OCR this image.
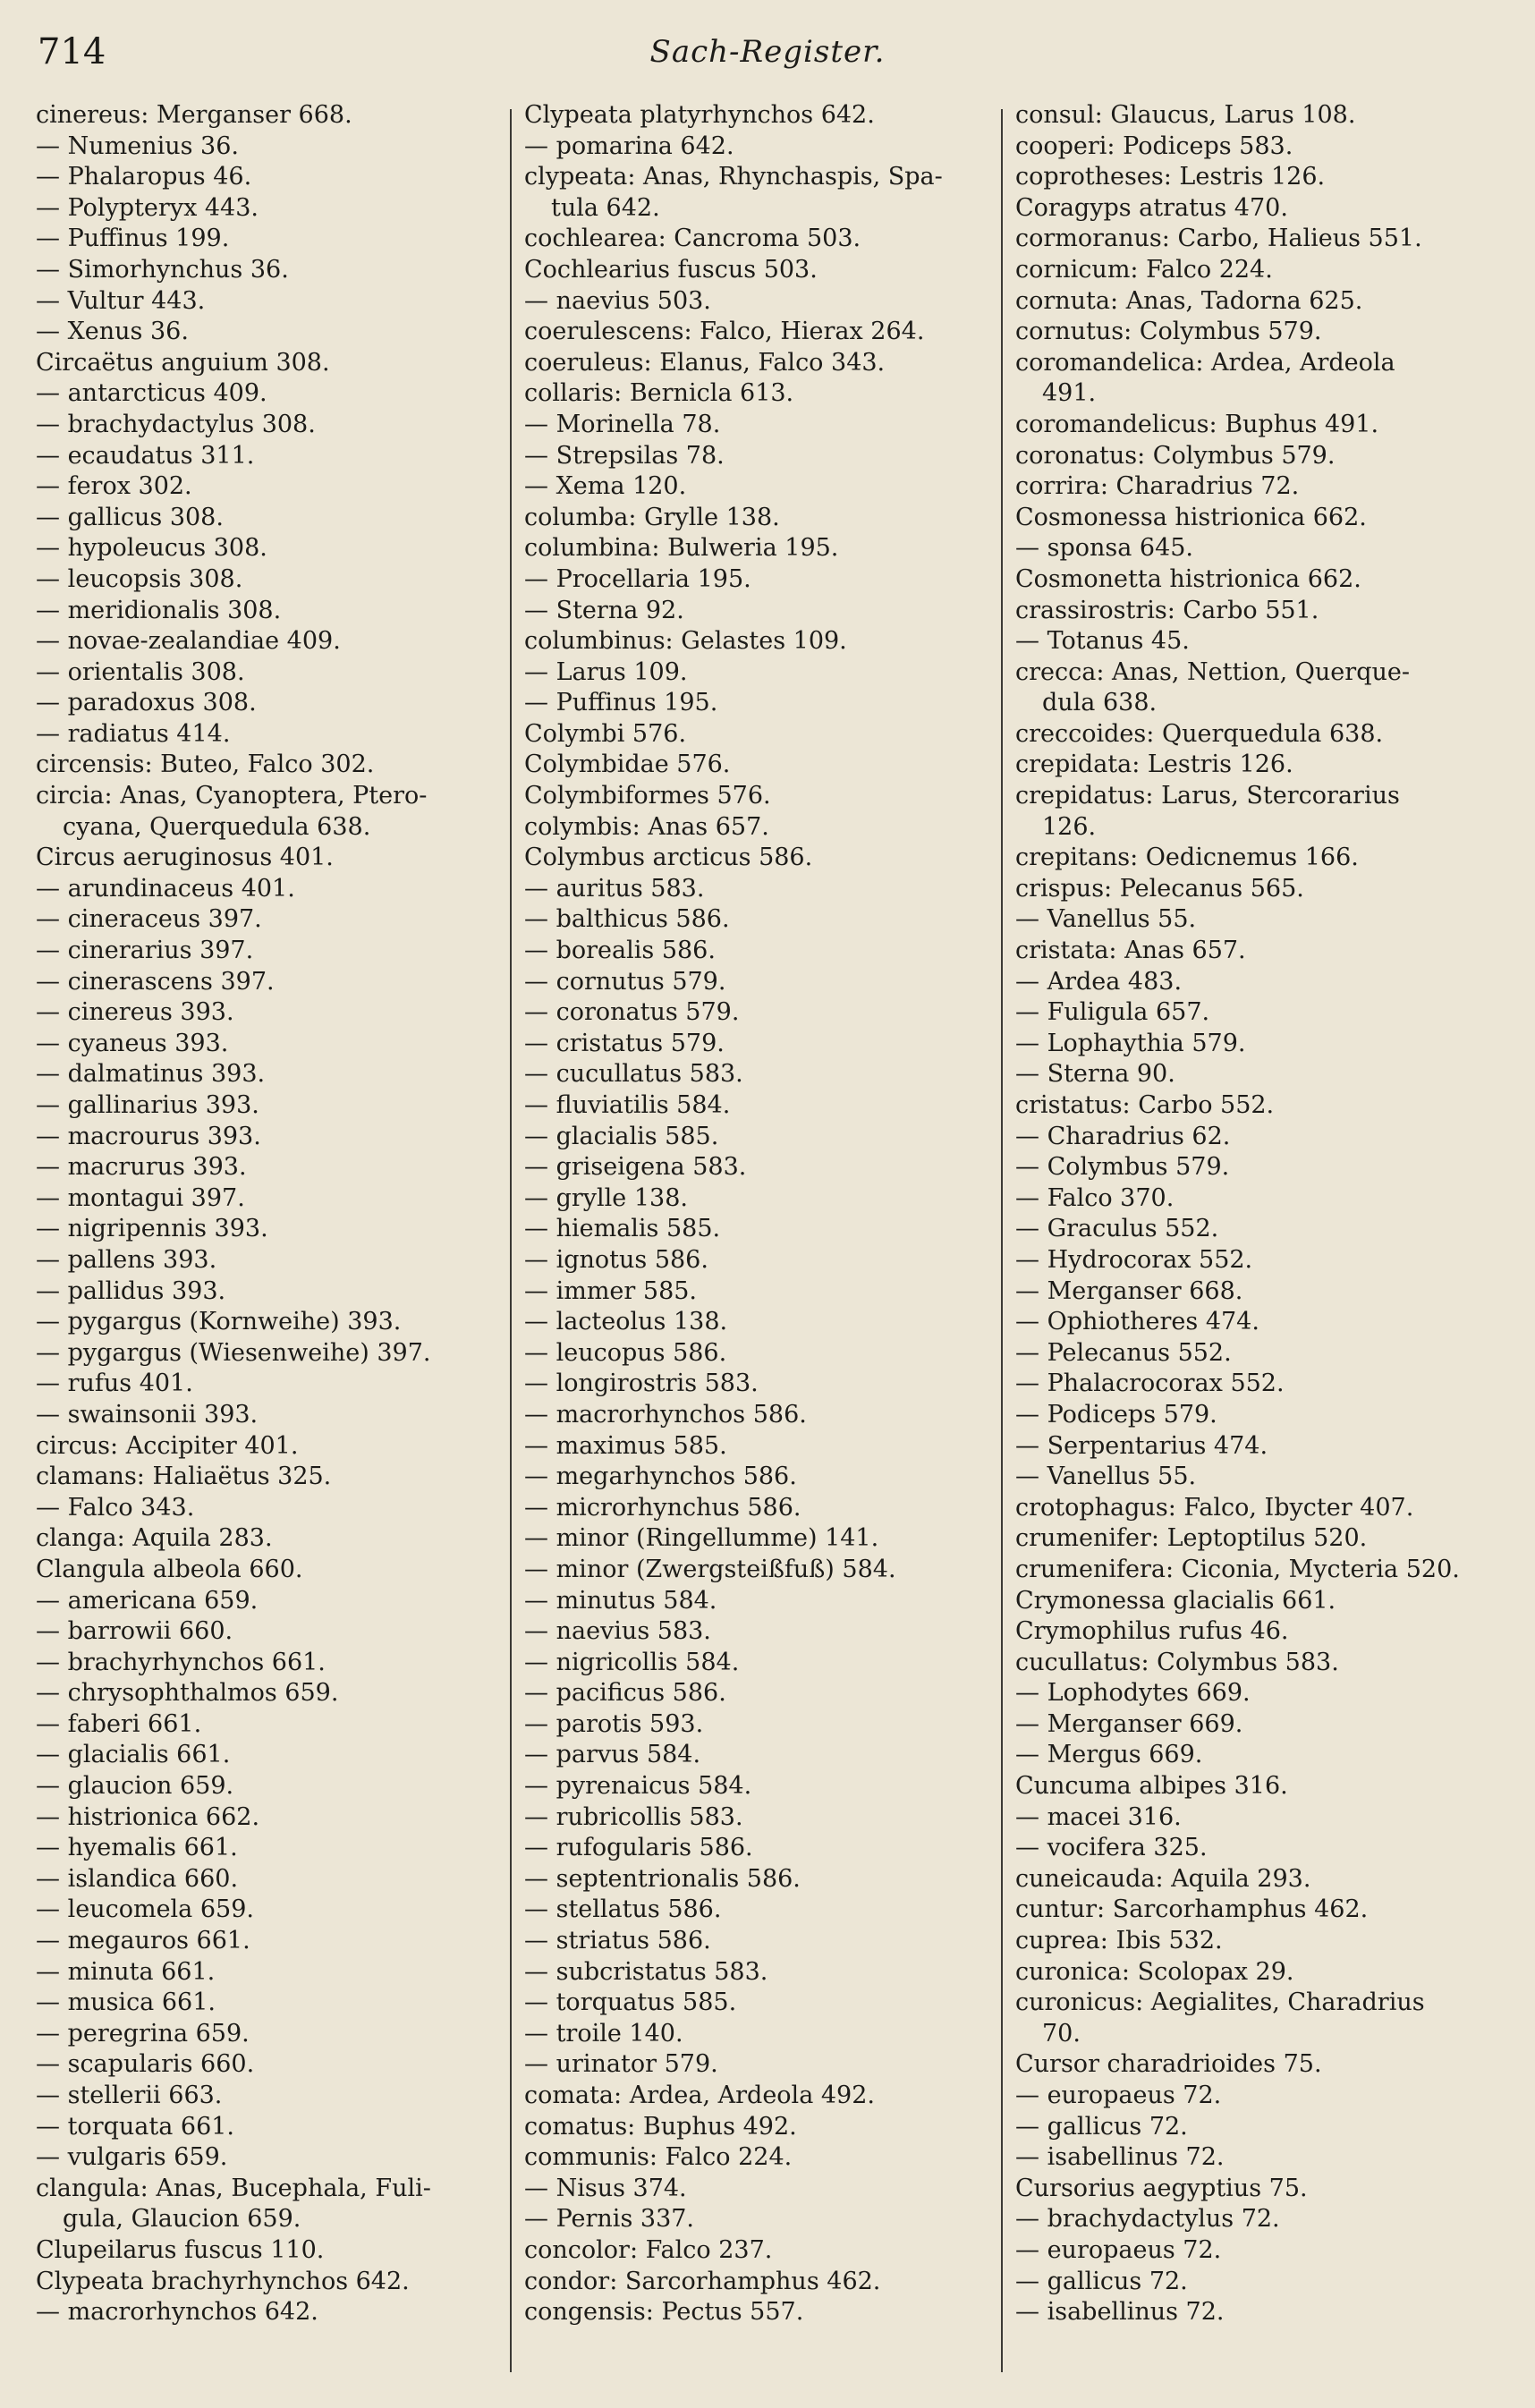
714	Sach-Register.
cinereus: Merganser 668.
— Numenius 36.
— Phalaropus 46.
— Polypteryx 443.
— Puffinus 199.
— Simorhynchus 36.
— Vultur 443.
— Xenus 36.
Circaëtus anguium 308.
— antarcticus 409.
— brachydactylus 308.
— ecaudatus 311.
— ferox 302.
— gallicus 308.
— hypoleucus 308.
— leucopsis 308.
— meridionalis 308.
— novae-zealandiae 409.
— orientalis 308.
— paradoxus 308.
— radiatus 414.
circensis: Buteo, Falco 302.
circia: Anas, Cyanoptera, Ptero-
cyana, Querquedula 638.
Circus aeruginosus 401.
— arundinaceus 401.
— cineraceus 397.
— cinerarius 397.
— cinerascens 397.
— cinereus 393.
— cyaneus 393.
— dalmatinus 393.
— gallinarius 393.
— macrourus 393.
— macrurus 393.
— montagui 397.
— nigripennis 393.
— pallens 393.
— pallidus 393.
— pygargus (Kornweihe) 393.
— pygargus (Wiesenweihe) 397.
— rufus 401.
— swainsonii 393.
circus: Accipiter 401.
clamans: Haliaëtus 325.
— Falco 343.
clanga: Aquila 283.
Clangula albeola 660.
— americana 659.
— barrowii 660.
— brachyrhynchos 661.
— chrysophthalmos 659.
— faberi 661.
— glacialis 661.
— glaucion 659.
— histrionica 662.
— hyemalis 661.
— islandica 660.
— leucomela 659.
— megauros 661.
— minuta 661.
— musica 661.
— peregrina 659.
— scapularis 660.
— stellerii 663.
— torquata 661.
— vulgaris 659.
clangula: Anas, Bucephala, Fuli-
gula, Glaucion 659.
Clupeilarus fuscus 110.
Clypeata brachyrhynchos 642.
— macrorhynchos 642.
Clypeata platyrhynchos 642.
— pomarina 642.
clypeata: Anas, Rhynchaspis, Spa-
tula 642.
cochlearea: Cancroma 503.
Cochlearius fuscus 503.
— naevius 503.
coerulescens: Falco, Hierax 264.
coeruleus: Elanus, Falco 343.
collaris: Bernicla 613.
— Morinella 78.
— Strepsilas 78.
— Xema 120.
columba: Grylle 138.
columbina: Bulweria 195.
— Procellaria 195.
— Sterna 92.
columbinus: Gelastes 109.
— Larus 109.
— Puffinus 195.
Colymbi 576.
Colymbidae 576.
Colymbiformes 576.
colymbis: Anas 657.
Colymbus arcticus 586.
— auritus 583.
— balthicus 586.
— borealis 586.
— cornutus 579.
— coronatus 579.
— cristatus 579.
— cucullatus 583.
— fluviatilis 584.
— glacialis 585.
— griseigena 583.
— grylle 138.
— hiemalis 585.
— ignotus 586.
— immer 585.
— lacteolus 138.
— leucopus 586.
— longirostris 583.
— macrorhynchos 586.
— maximus 585.
— megarhynchos 586.
— microrhynchus 586.
— minor (Ringellumme) 141.
— minor (Zwergsteißfuß) 584.
— minutus 584.
— naevius 583.
— nigricollis 584.
— pacificus 586.
— parotis 593.
— parvus 584.
— pyrenaicus 584.
— rubricollis 583.
— rufogularis 586.
— septentrionalis 586.
— stellatus 586.
— striatus 586.
— subcristatus 583.
— torquatus 585.
— troile 140.
— urinator 579.
comata: Ardea, Ardeola 492.
comatus: Buphus 492.
communis: Falco 224.
— Nisus 374.
— Pernis 337.
concolor: Falco 237.
condor: Sarcorhamphus 462.
congensis: Pectus 557.
consul: Glaucus, Larus 108.
cooperi: Podiceps 583.
coprotheses: Lestris 126.
Coragyps atratus 470.
cormoranus: Carbo, Halieus 551.
cornicum: Falco 224.
cornuta: Anas, Tadorna 625.
cornutus: Colymbus 579.
coromandelica: Ardea, Ardeola
491.
coromandelicus: Buphus 491.
coronatus: Colymbus 579.
corrira: Charadrius 72.
Cosmonessa histrionica 662.
— sponsa 645.
Cosmonetta histrionica 662.
crassirostris: Carbo 551.
— Totanus 45.
crecca: Anas, Nettion, Querque-
dula 638.
creccoides: Querquedula 638.
crepidata: Lestris 126.
crepidatus: Larus, Stercorarius
126.
crepitans: Oedicnemus 166.
crispus: Pelecanus 565.
— Vanellus 55.
cristata: Anas 657.
— Ardea 483.
— Fuligula 657.
— Lophaythia 579.
— Sterna 90.
cristatus: Carbo 552.
— Charadrius 62.
— Colymbus 579.
— Falco 370.
— Graculus 552.
— Hydrocorax 552.
— Merganser 668.
— Ophiotheres 474.
— Pelecanus 552.
— Phalacrocorax 552.
— Podiceps 579.
— Serpentarius 474.
— Vanellus 55.
crotophagus: Falco, Ibycter 407.
crumenifer: Leptoptilus 520.
crumenifera: Ciconia, Mycteria 520.
Crymonessa glacialis 661.
Crymophilus rufus 46.
cucullatus: Colymbus 583.
— Lophodytes 669.
— Merganser 669.
— Mergus 669.
Cuncuma albipes 316.
— macei 316.
— vocifera 325.
cuneicauda: Aquila 293.
cuntur: Sarcorhamphus 462.
cuprea: Ibis 532.
curonica: Scolopax 29.
curonicus: Aegialites, Charadrius
70.
Cursor charadrioides 75.
— europaeus 72.
— gallicus 72.
— isabellinus 72.
Cursorius aegyptius 75.
— brachydactylus 72.
— europaeus 72.
— gallicus 72.
— isabellinus 72.
